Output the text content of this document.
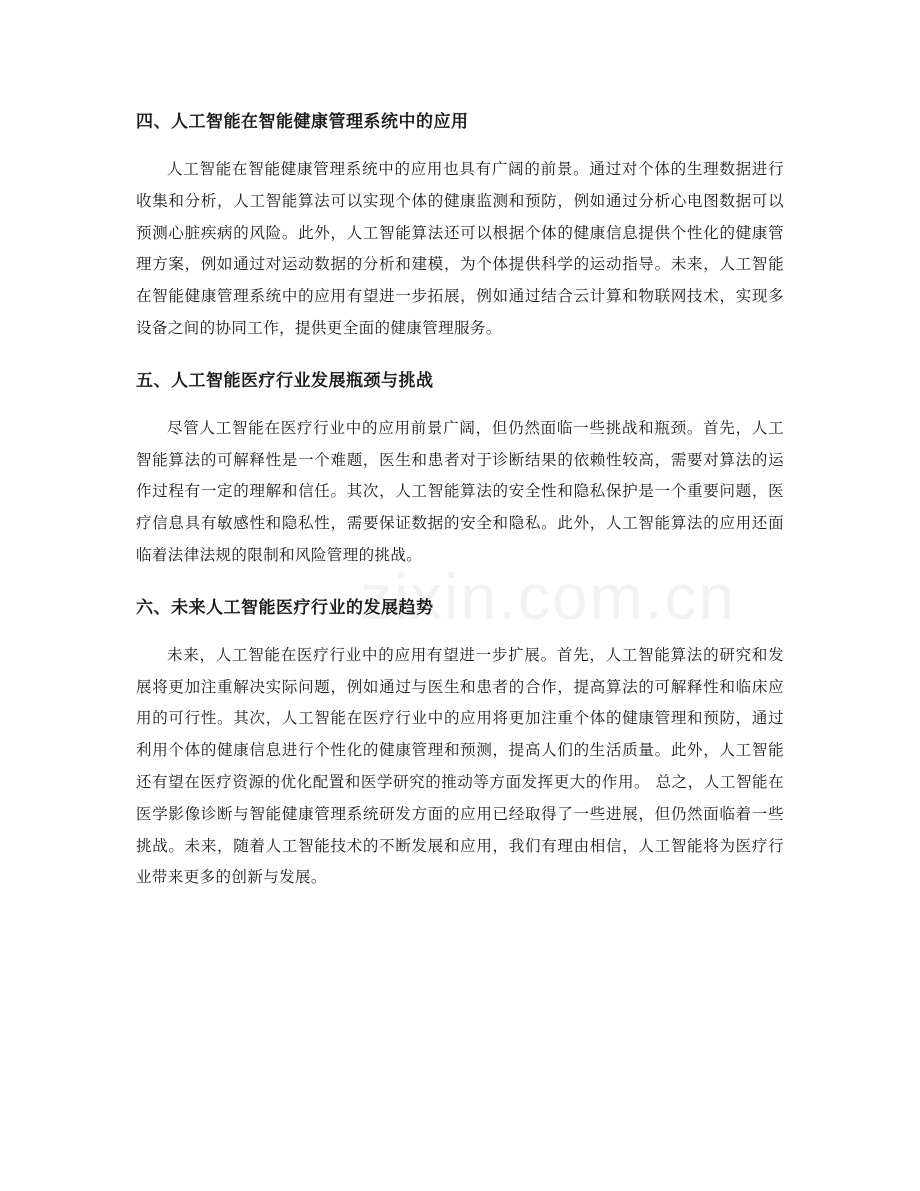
四、人工智能在智能健康管理系统中的应用

人工智能在智能健康管理系统中的应用也具有广阔的前景。通过对个体的生理数据进行收集和分析，人工智能算法可以实现个体的健康监测和预防，例如通过分析心电图数据可以预测心脏疾病的风险。此外，人工智能算法还可以根据个体的健康信息提供个性化的健康管理方案，例如通过对运动数据的分析和建模，为个体提供科学的运动指导。未来，人工智能在智能健康管理系统中的应用有望进一步拓展，例如通过结合云计算和物联网技术，实现多设备之间的协同工作，提供更全面的健康管理服务。

五、人工智能医疗行业发展瓶颈与挑战

尽管人工智能在医疗行业中的应用前景广阔，但仍然面临一些挑战和瓶颈。首先，人工智能算法的可解释性是一个难题，医生和患者对于诊断结果的依赖性较高，需要对算法的运作过程有一定的理解和信任。其次，人工智能算法的安全性和隐私保护是一个重要问题，医疗信息具有敏感性和隐私性，需要保证数据的安全和隐私。此外，人工智能算法的应用还面临着法律法规的限制和风险管理的挑战。

六、未来人工智能医疗行业的发展趋势

未来，人工智能在医疗行业中的应用有望进一步扩展。首先，人工智能算法的研究和发展将更加注重解决实际问题，例如通过与医生和患者的合作，提高算法的可解释性和临床应用的可行性。其次，人工智能在医疗行业中的应用将更加注重个体的健康管理和预防，通过利用个体的健康信息进行个性化的健康管理和预测，提高人们的生活质量。此外，人工智能还有望在医疗资源的优化配置和医学研究的推动等方面发挥更大的作用。 总之，人工智能在医学影像诊断与智能健康管理系统研发方面的应用已经取得了一些进展，但仍然面临着一些挑战。未来，随着人工智能技术的不断发展和应用，我们有理由相信，人工智能将为医疗行业带来更多的创新与发展。

zixin.com.cn
